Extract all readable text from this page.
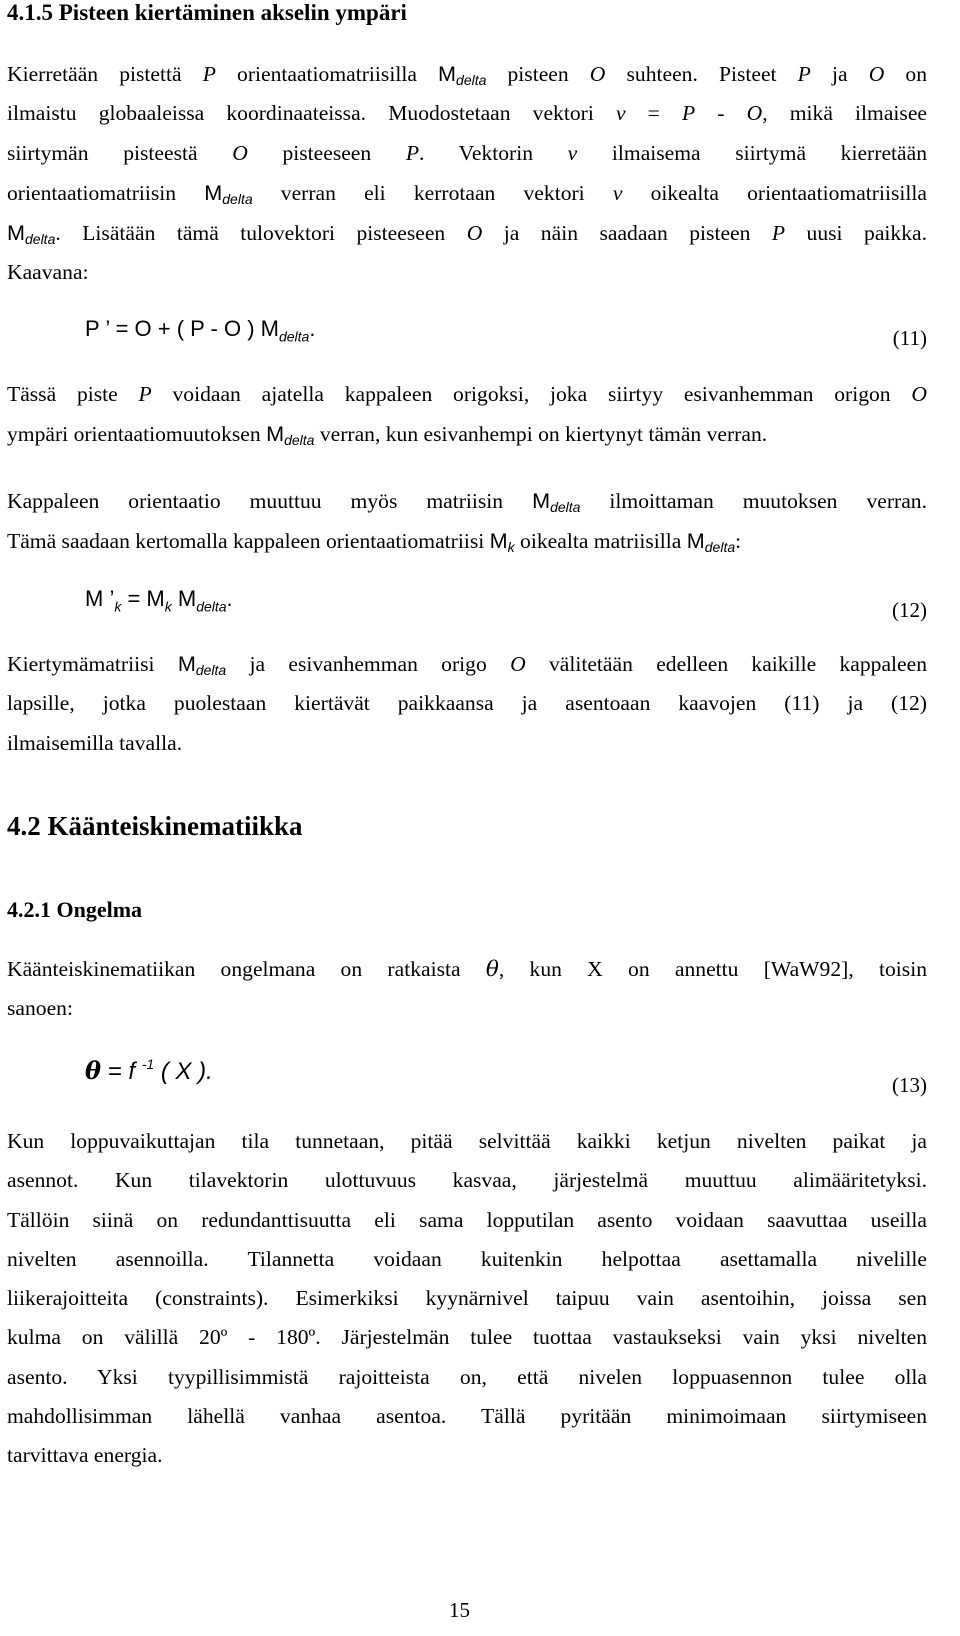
4.1.5 Pisteen kiertäminen akselin ympäri
Kierretään pistettä P orientaatiomatriisilla $M_{delta}$ pisteen O suhteen. Pisteet P ja O on
ilmaistu globaaleissa koordinaateissa. Muodostetaan vektori v = P - O, mikä ilmaisee
siirtymän pisteestä O pisteeseen P. Vektorin v ilmaisema siirtymä kierretään
orientaatiomatriisin $M_{delta}$ verran eli kerrotaan vektori v oikealta orientaatiomatriisilla
$M_{delta}$. Lisätään tämä tulovektori pisteeseen O ja näin saadaan pisteen P uusi paikka.
Kaavana:
P ’ = O + ( P - O ) $M_{delta}$.	(11)
Tässä piste P voidaan ajatella kappaleen origoksi, joka siirtyy esivanhemman origon O
ympäri orientaatiomuutoksen $M_{delta}$ verran, kun esivanhempi on kiertynyt tämän verran.
Kappaleen orientaatio muuttuu myös matriisin $M_{delta}$ ilmoittaman muutoksen verran.
Tämä saadaan kertomalla kappaleen orientaatiomatriisi $M_k$ oikealta matriisilla $M_{delta}$:
M $’_k = M_k$ $M_{delta}$.	(12)
Kiertymämatriisi $M_{delta}$ ja esivanhemman origo O välitetään edelleen kaikille kappaleen
lapsille, jotka puolestaan kiertävät paikkaansa ja asentoaan kaavojen (11) ja (12)
ilmaisemilla tavalla.
4.2 Käänteiskinematiikka
4.2.1 Ongelma
Käänteiskinematiikan ongelmana on ratkaista θ, kun X on annettu [WaW92], toisin
sanoen:
θ = f $^{-1}$ ( X ).	(13)
Kun loppuvaikuttajan tila tunnetaan, pitää selvittää kaikki ketjun nivelten paikat ja
asennot. Kun tilavektorin ulottuvuus kasvaa, järjestelmä muuttuu alimääritetyksi.
Tällöin siinä on redundanttisuutta eli sama lopputilan asento voidaan saavuttaa useilla
nivelten asennoilla. Tilannetta voidaan kuitenkin helpottaa asettamalla nivelille
liikerajoitteita (constraints). Esimerkiksi kyynärnivel taipuu vain asentoihin, joissa sen
kulma on välillä 20º - 180º. Järjestelmän tulee tuottaa vastaukseksi vain yksi nivelten
asento. Yksi tyypillisimmistä rajoitteista on, että nivelen loppuasennon tulee olla
mahdollisimman lähellä vanhaa asentoa. Tällä pyritään minimoimaan siirtymiseen
tarvittava energia.
15
